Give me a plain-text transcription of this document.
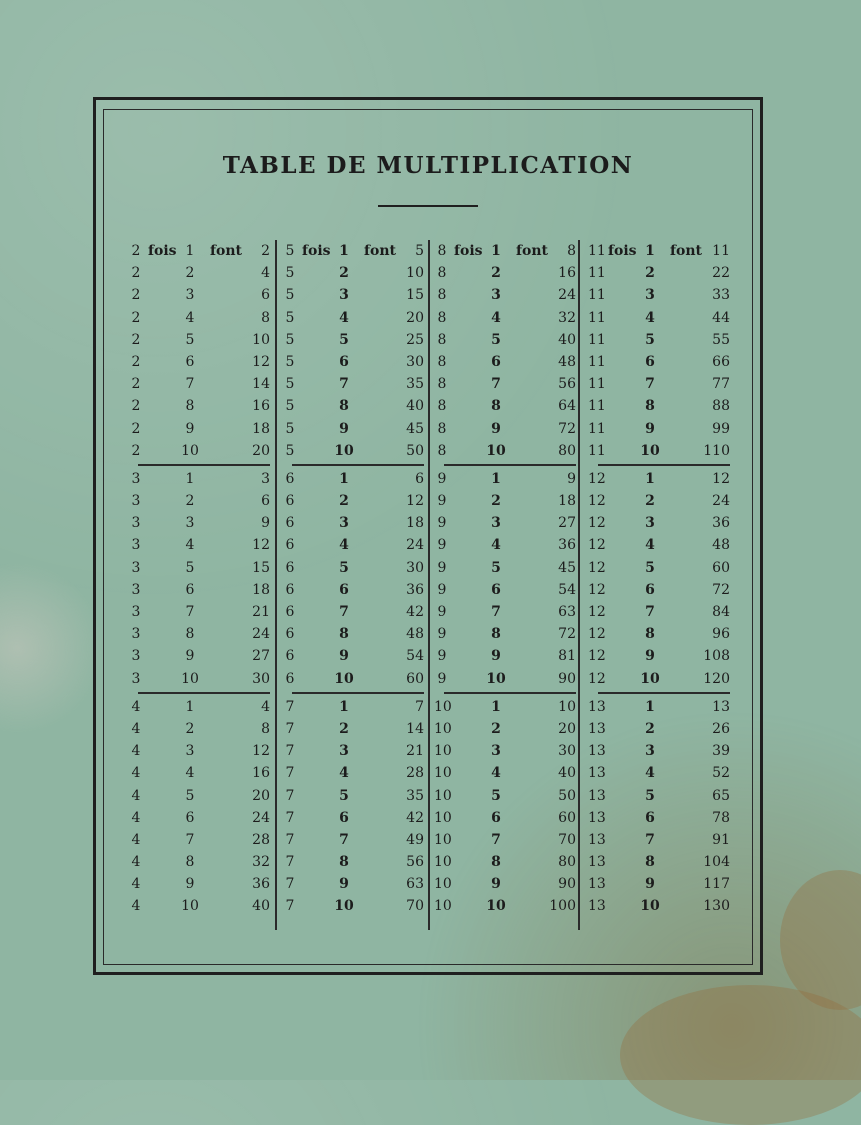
TABLE DE MULTIPLICATION
2 fois 1	font 2
2	2	4
2	3	6
2	4	8
2	5	10
2	6	12
2	7	14
2	8	16
2	9	18
2	10	20
3	1	3
3	2	6
3	3	9
3	4	12
3	5	15
3	6	18
3	7	21
3	8	24
3	9	27
3	10	30
4	1	4
4	2	8
4	3	12
4	4	16
4	5	20
4	6	24
4	7	28
4	8	32
4	9	36
4	10	40
5 fois 1	font 5
5	2	10
5	3	15
5	4	20
5	5	25
5	6	30
5	7	35
5	8	40
5	9	45
5	10	50
6	1	6
6	2	12
6	3	18
6	4	24
6	5	30
6	6	36
6	7	42
6	8	48
6	9	54
6	10	60
7	1	7
7	2	14
7	3	21
7	4	28
7	5	35
7	6	42
7	7	49
7	8	56
7	9	63
7	10	70
8 fois 1	font 8
8	2	16
8	3	24
8	4	32
8	5	40
8	6	48
8	7	56
8	8	64
8	9	72
8	10	80
9	1	9
9	2	18
9	3	27
9	4	36
9	5	45
9	6	54
9	7	63
9	8	72
9	9	81
9	10	90
10	1	10
10	2	20
10	3	30
10	4	40
10	5	50
10	6	60
10	7	70
10	8	80
10	9	90
10	10	100
11 fois 1	font 11
11	2	22
11	3	33
11	4	44
11	5	55
11	6	66
11	7	77
11	8	88
11	9	99
11	10	110
12	1	12
12	2	24
12	3	36
12	4	48
12	5	60
12	6	72
12	7	84
12	8	96
12	9	108
12	10	120
13	1	13
13	2	26
13	3	39
13	4	52
13	5	65
13	6	78
13	7	91
13	8	104
13	9	117
13	10	130
